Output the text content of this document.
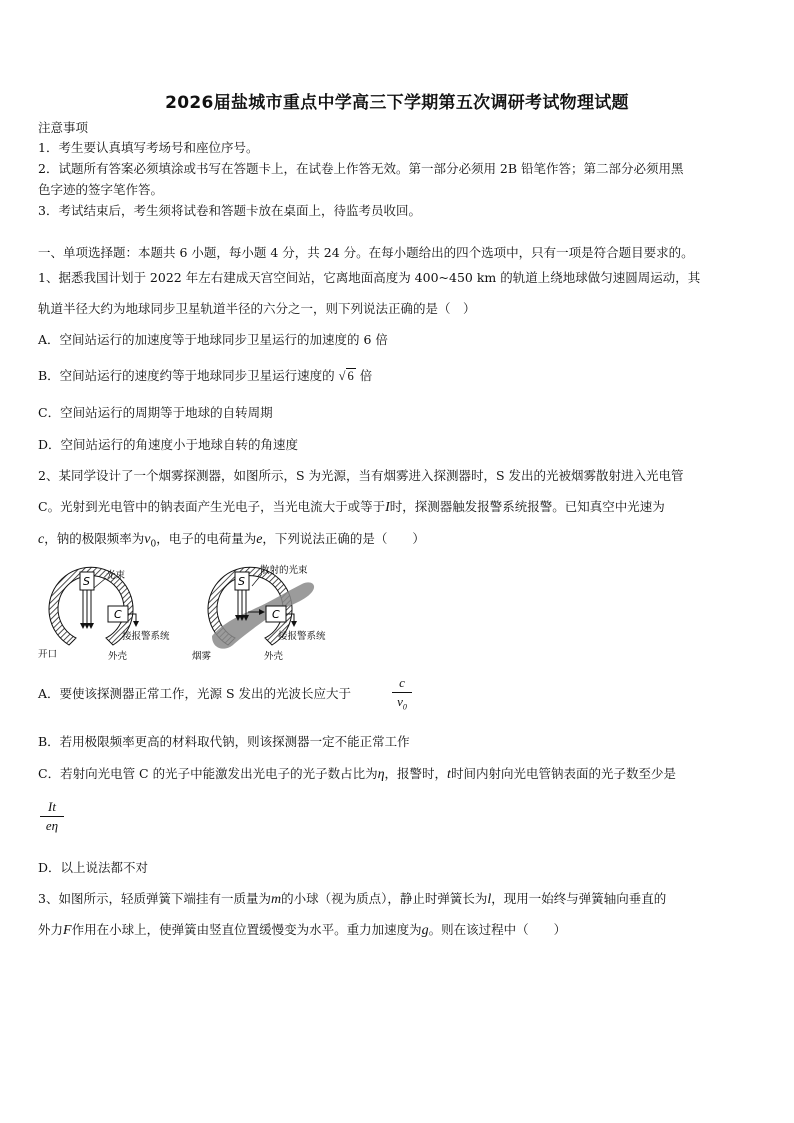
2026届盐城市重点中学高三下学期第五次调研考试物理试题
注意事项
1．考生要认真填写考场号和座位序号。
2．试题所有答案必须填涂或书写在答题卡上，在试卷上作答无效。第一部分必须用 2B 铅笔作答；第二部分必须用黑
色字迹的签字笔作答。
3．考试结束后，考生须将试卷和答题卡放在桌面上，待监考员收回。
一、单项选择题：本题共 6 小题，每小题 4 分，共 24 分。在每小题给出的四个选项中，只有一项是符合题目要求的。
1、据悉我国计划于 2022 年左右建成天宫空间站，它离地面高度为 400~450 km 的轨道上绕地球做匀速圆周运动，其
轨道半径大约为地球同步卫星轨道半径的六分之一，则下列说法正确的是（　）
A．空间站运行的加速度等于地球同步卫星运行的加速度的 6 倍
B．空间站运行的速度约等于地球同步卫星运行速度的 √ 6 倍
C．空间站运行的周期等于地球的自转周期
D．空间站运行的角速度小于地球自转的角速度
2、某同学设计了一个烟雾探测器，如图所示，S 为光源，当有烟雾进入探测器时，S 发出的光被烟雾散射进入光电管
C。光射到光电管中的钠表面产生光电子，当光电流大于或等于I时，探测器触发报警系统报警。已知真空中光速为
c，钠的极限频率为$\nu_0$，电子的电荷量为e，下列说法正确的是（　　）
S
C
光束
接报警系统
开口	外壳
S
C
散射的光束
接报警系统
烟雾	外壳
A．要使该探测器正常工作，光源 S 发出的光波长应大于
c
$\nu_0$
B．若用极限频率更高的材料取代钠，则该探测器一定不能正常工作
C．若射向光电管 C 的光子中能激发出光电子的光子数占比为η，报警时，t时间内射向光电管钠表面的光子数至少是
It
eη
D．以上说法都不对
3、如图所示，轻质弹簧下端挂有一质量为m的小球（视为质点），静止时弹簧长为l，现用一始终与弹簧轴向垂直的
外力F作用在小球上，使弹簧由竖直位置缓慢变为水平。重力加速度为g。则在该过程中（　　）
